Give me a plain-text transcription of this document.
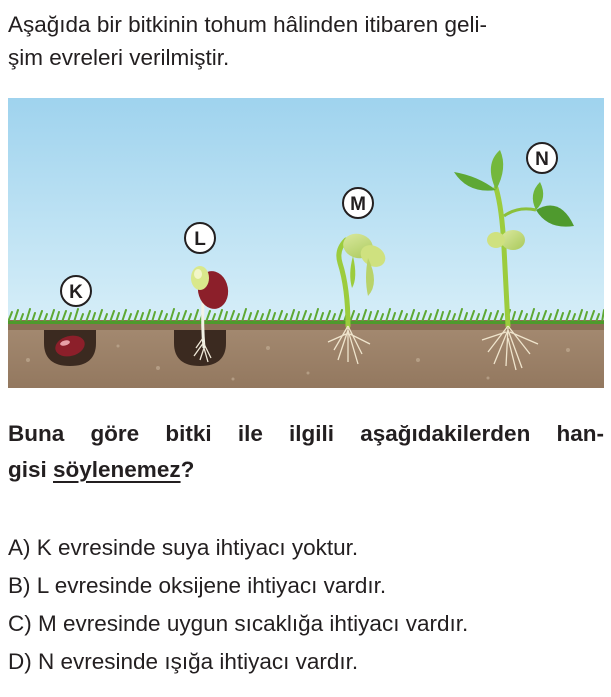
Aşağıda bir bitkinin tohum hâlinden itibaren geli-
şim evreleri verilmiştir.

K
L
M
N

Buna göre bitki ile ilgili aşağıdakilerden han-
gisi söylenemez?

A) K evresinde suya ihtiyacı yoktur.
B) L evresinde oksijene ihtiyacı vardır.
C) M evresinde uygun sıcaklığa ihtiyacı vardır.
D) N evresinde ışığa ihtiyacı vardır.
